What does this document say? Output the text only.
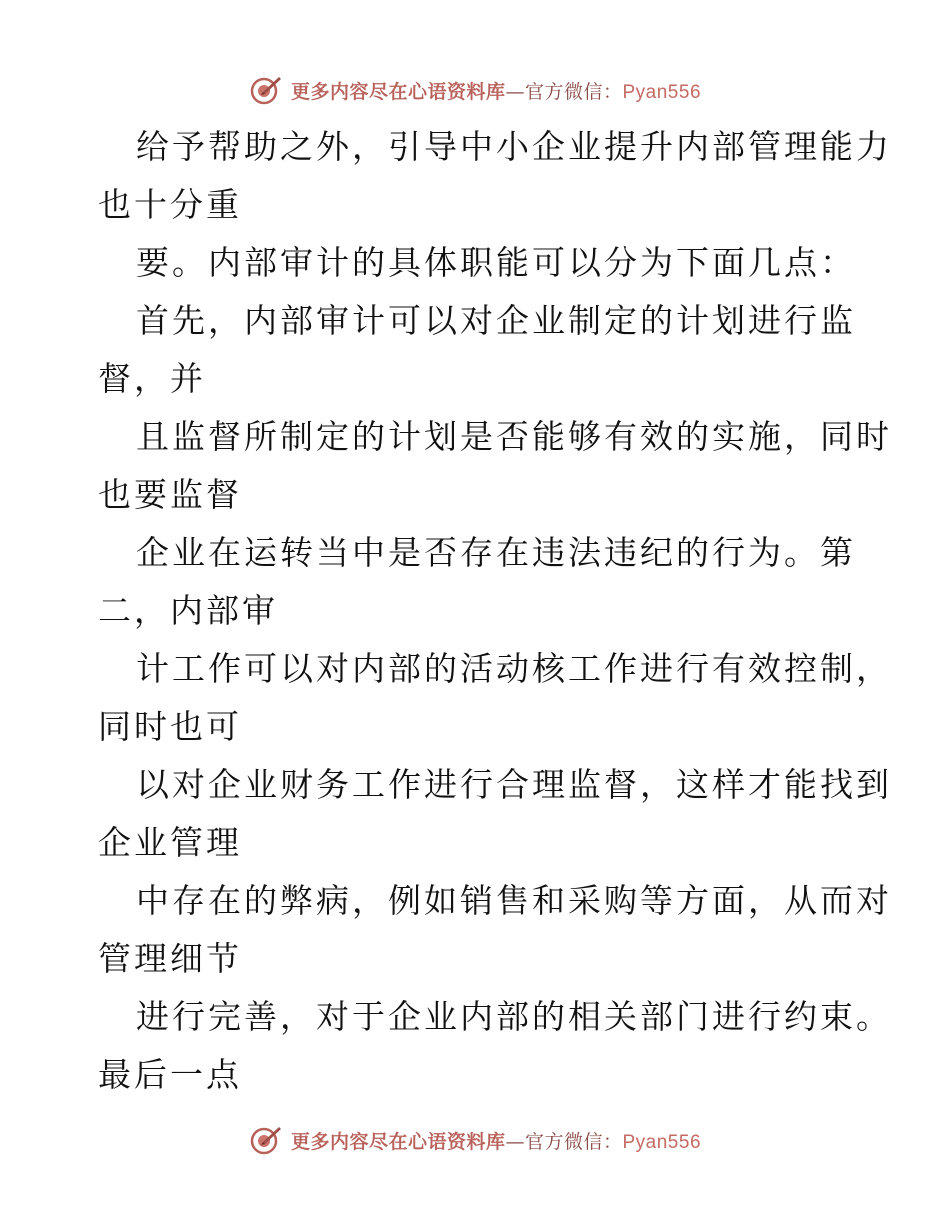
更多内容尽在心语资料库—官方微信：Pyan556
给予帮助之外，引导中小企业提升内部管理能力
也十分重
要。内部审计的具体职能可以分为下面几点：
首先，内部审计可以对企业制定的计划进行监
督，并
且监督所制定的计划是否能够有效的实施，同时
也要监督
企业在运转当中是否存在违法违纪的行为。第
二，内部审
计工作可以对内部的活动核工作进行有效控制，
同时也可
以对企业财务工作进行合理监督，这样才能找到
企业管理
中存在的弊病，例如销售和采购等方面，从而对
管理细节
进行完善，对于企业内部的相关部门进行约束。
最后一点
更多内容尽在心语资料库—官方微信：Pyan556
